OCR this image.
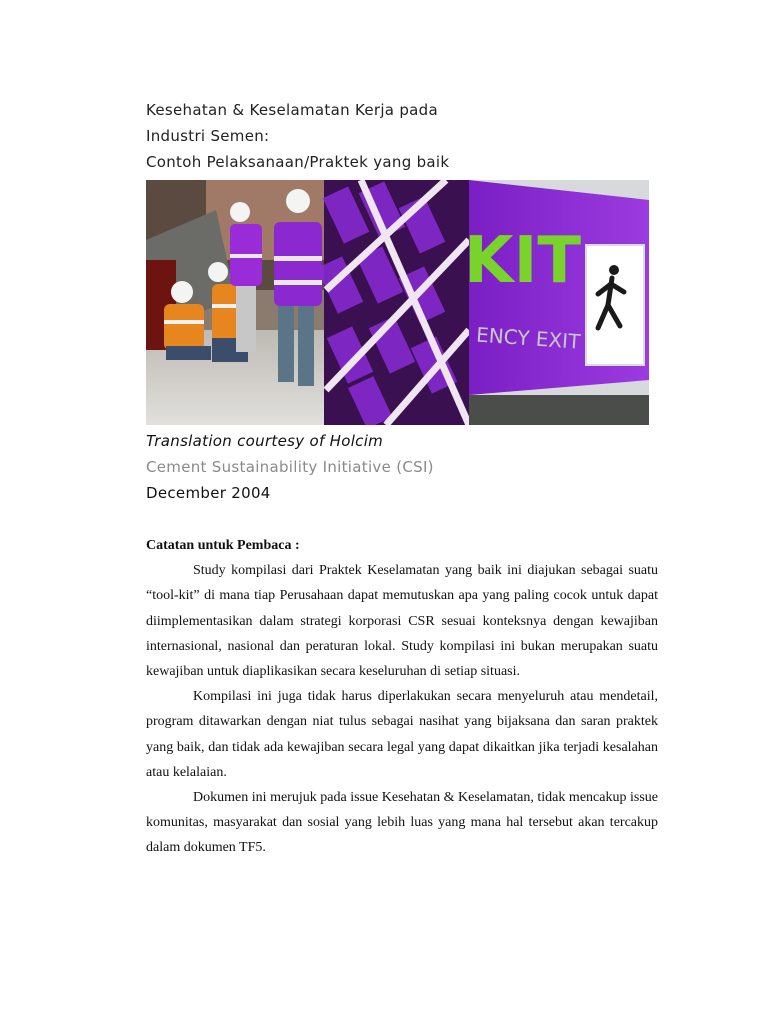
Kesehatan & Keselamatan Kerja pada
Industri Semen:
Contoh Pelaksanaan/Praktek yang baik
KIT
ENCY EXIT
Translation courtesy of Holcim
Cement Sustainability Initiative (CSI)
December 2004
Catatan untuk Pembaca :

Study kompilasi dari Praktek Keselamatan yang baik ini diajukan sebagai suatu “tool-kit” di mana tiap Perusahaan dapat memutuskan apa yang paling cocok untuk dapat diimplementasikan dalam strategi korporasi CSR sesuai konteksnya dengan kewajiban internasional, nasional dan peraturan lokal. Study kompilasi ini bukan merupakan suatu kewajiban untuk diaplikasikan secara keseluruhan di setiap situasi.

Kompilasi ini juga tidak harus diperlakukan secara menyeluruh atau mendetail, program ditawarkan dengan niat tulus sebagai nasihat yang bijaksana dan saran praktek yang baik, dan tidak ada kewajiban secara legal yang dapat dikaitkan jika terjadi kesalahan atau kelalaian.

Dokumen ini merujuk pada issue Kesehatan & Keselamatan, tidak mencakup issue komunitas, masyarakat dan sosial yang lebih luas yang mana hal tersebut akan tercakup dalam dokumen TF5.
